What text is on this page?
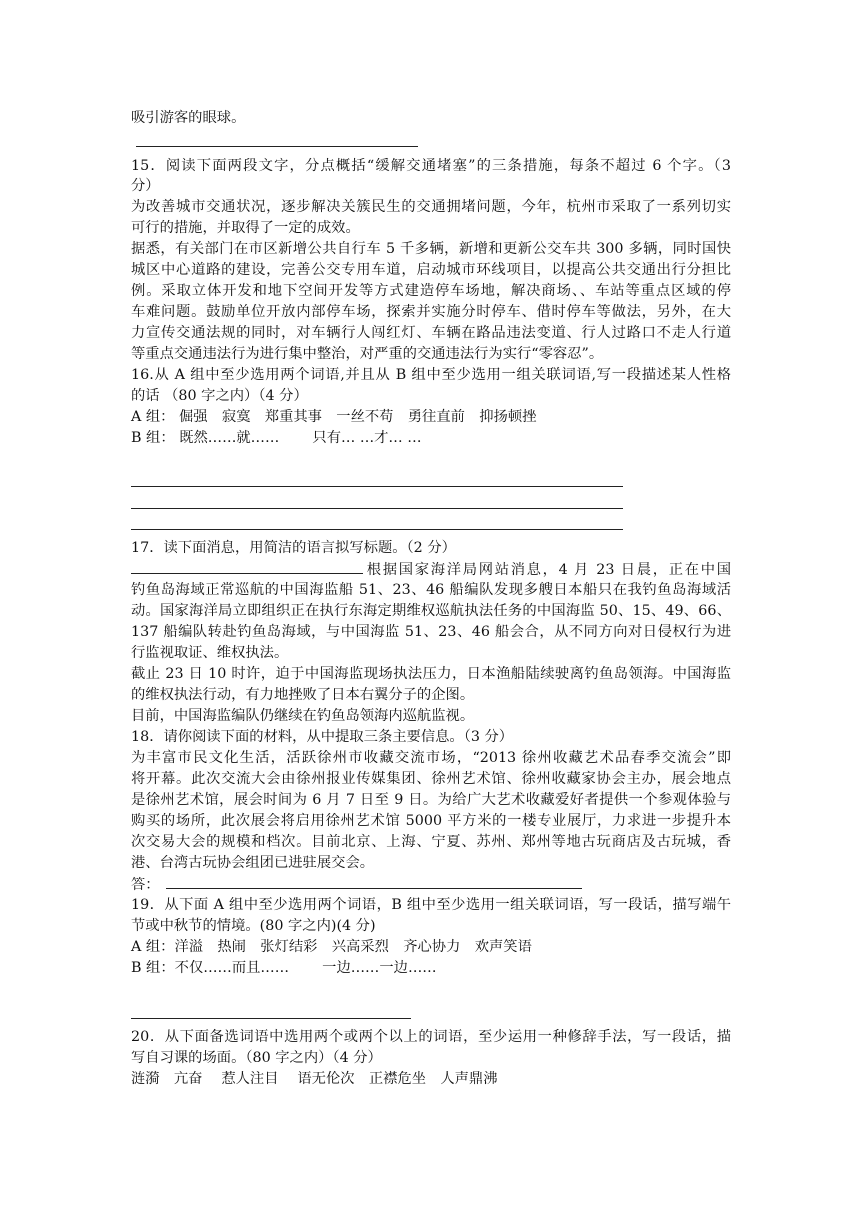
吸引游客的眼球。
15．阅读下面两段文字，分点概括“缓解交通堵塞”的三条措施，每条不超过 6 个字。（3
分）
为改善城市交通状况，逐步解决关簇民生的交通拥堵问题，今年，杭州市采取了一系列切实
可行的措施，并取得了一定的成效。
据悉，有关部门在市区新增公共自行车 5 千多辆，新增和更新公交车共 300 多辆，同时国快
城区中心道路的建设，完善公交专用车道，启动城市环线项目，以提高公共交通出行分担比
例。采取立体开发和地下空间开发等方式建造停车场地，解决商场、、车站等重点区域的停
车难问题。鼓励单位开放内部停车场，探索并实施分时停车、借时停车等做法，另外，在大
力宣传交通法规的同时，对车辆行人闯红灯、车辆在路品违法变道、行人过路口不走人行道
等重点交通违法行为进行集中整治，对严重的交通违法行为实行“零容忍”。
16.从 A 组中至少选用两个词语,并且从 B 组中至少选用一组关联词语,写一段描述某人性格
的话 （80 字之内）（4 分）
A 组： 倔强　寂寞　郑重其事　一丝不苟　勇往直前　抑扬顿挫
B 组： 既然……就……　　 只有… …才… …
17．读下面消息，用简洁的语言拟写标题。（2 分）
根据国家海洋局网站消息，4 月 23 日晨，正在中国
钓鱼岛海域正常巡航的中国海监船 51、23、46 船编队发现多艘日本船只在我钓鱼岛海域活
动。国家海洋局立即组织正在执行东海定期维权巡航执法任务的中国海监 50、15、49、66、
137 船编队转赴钓鱼岛海域，与中国海监 51、23、46 船会合，从不同方向对日侵权行为进
行监视取证、维权执法。
截止 23 日 10 时许，迫于中国海监现场执法压力，日本渔船陆续驶离钓鱼岛领海。中国海监
的维权执法行动，有力地挫败了日本右翼分子的企图。
目前，中国海监编队仍继续在钓鱼岛领海内巡航监视。
18．请你阅读下面的材料，从中提取三条主要信息。（3 分）
为丰富市民文化生活，活跃徐州市收藏交流市场，“2013 徐州收藏艺术品春季交流会”即
将开幕。此次交流大会由徐州报业传媒集团、徐州艺术馆、徐州收藏家协会主办，展会地点
是徐州艺术馆，展会时间为 6 月 7 日至 9 日。为给广大艺术收藏爱好者提供一个参观体验与
购买的场所，此次展会将启用徐州艺术馆 5000 平方米的一楼专业展厅，力求进一步提升本
次交易大会的规模和档次。目前北京、上海、宁夏、苏州、郑州等地古玩商店及古玩城，香
港、台湾古玩协会组团已进驻展交会。
答：
19．从下面 A 组中至少选用两个词语，B 组中至少选用一组关联词语，写一段话，描写端午
节或中秋节的情境。(80 字之内)(4 分)
A 组：洋溢　热闹　张灯结彩　兴高采烈　齐心协力　欢声笑语
B 组：不仅……而且……　　 一边……一边……
20．从下面备选词语中选用两个或两个以上的词语，至少运用一种修辞手法，写一段话，描
写自习课的场面。（80 字之内）（4 分）
涟漪　亢奋　 惹人注目　 语无伦次　正襟危坐　人声鼎沸
